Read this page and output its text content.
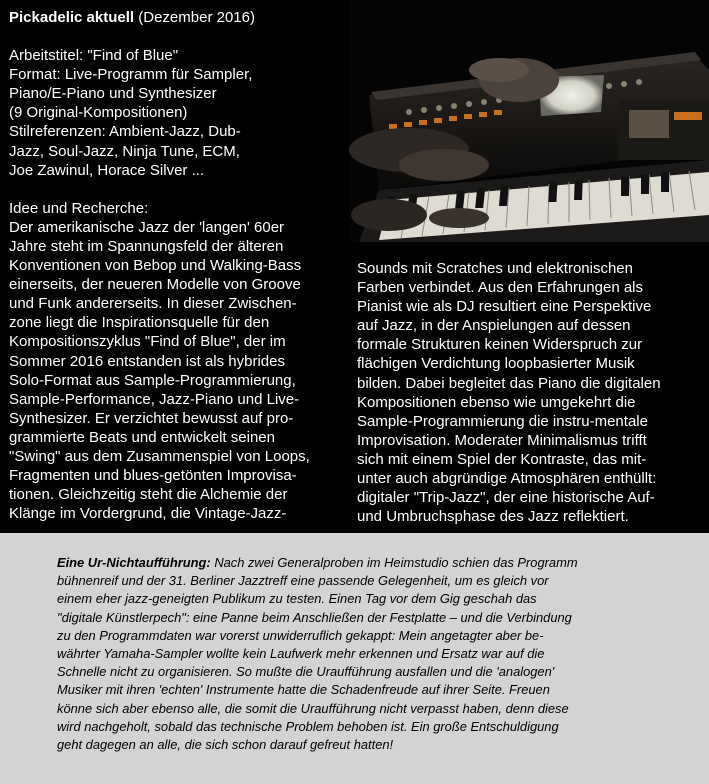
Pickadelic aktuell (Dezember 2016)

Arbeitstitel: "Find of Blue"
Format: Live-Programm für Sampler,
Piano/E-Piano und Synthesizer
(9 Original-Kompositionen)
Stilreferenzen: Ambient-Jazz, Dub-
Jazz, Soul-Jazz, Ninja Tune, ECM,
Joe Zawinul, Horace Silver ...
Idee und Recherche:
Der amerikanische Jazz der 'langen' 60er
Jahre steht im Spannungsfeld der älteren
Konventionen von Bebop und Walking-Bass
einerseits, der neueren Modelle von Groove
und Funk andererseits. In dieser Zwischen-
zone liegt die Inspirationsquelle für den
Kompositionszyklus "Find of Blue", der im
Sommer 2016 entstanden ist als hybrides
Solo-Format aus Sample-Programmierung,
Sample-Performance, Jazz-Piano und Live-
Synthesizer. Er verzichtet bewusst auf pro-
grammierte Beats und entwickelt seinen
"Swing" aus dem Zusammenspiel von Loops,
Fragmenten und blues-getönten Improvisa-
tionen. Gleichzeitig steht die Alchemie der
Klänge im Vordergrund, die Vintage-Jazz-
Sounds mit Scratches und elektronischen
Farben verbindet. Aus den Erfahrungen als
Pianist wie als DJ resultiert eine Perspektive
auf Jazz, in der Anspielungen auf dessen
formale Strukturen keinen Widerspruch zur
flächigen Verdichtung loopbasierter Musik
bilden. Dabei begleitet das Piano die digitalen
Kompositionen ebenso wie umgekehrt die
Sample-Programmierung die instru-mentale
Improvisation. Moderater Minimalismus trifft
sich mit einem Spiel der Kontraste, das mit-
unter auch abgründige Atmosphären enthüllt:
digitaler "Trip-Jazz", der eine historische Auf-
und Umbruchsphase des Jazz reflektiert.

Eine Ur-Nichtaufführung: Nach zwei Generalproben im Heimstudio schien das Programm
bühnenreif und der 31. Berliner Jazztreff eine passende Gelegenheit, um es gleich vor
einem eher jazz-geneigten Publikum zu testen. Einen Tag vor dem Gig geschah das
"digitale Künstlerpech": eine Panne beim Anschließen der Festplatte – und die Verbindung
zu den Programmdaten war vorerst unwiderruflich gekappt: Mein angetagter aber be-
währter Yamaha-Sampler wollte kein Laufwerk mehr erkennen und Ersatz war auf die
Schnelle nicht zu organisieren. So mußte die Uraufführung ausfallen und die 'analogen'
Musiker mit ihren 'echten' Instrumente hatte die Schadenfreude auf ihrer Seite. Freuen
könne sich aber ebenso alle, die somit die Uraufführung nicht verpasst haben, denn diese
wird nachgeholt, sobald das technische Problem behoben ist. Ein große Entschuldigung
geht dagegen an alle, die sich schon darauf gefreut hatten!
